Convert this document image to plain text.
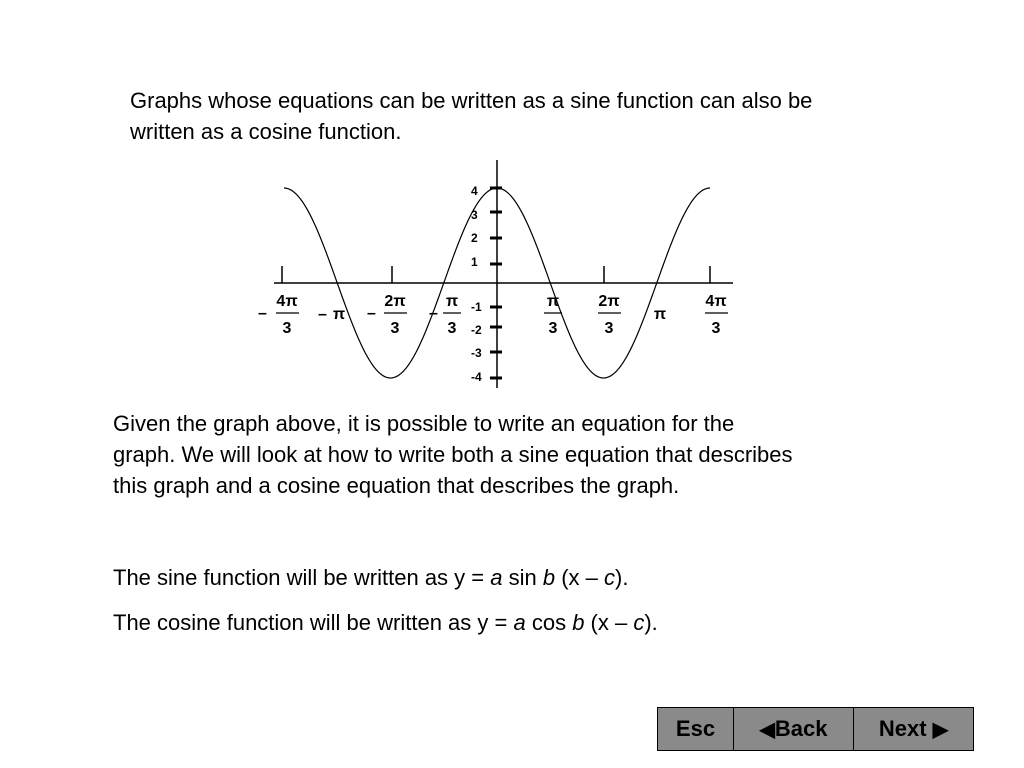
Graphs whose equations can be written as a sine function can also be
written as a cosine function.
4
3
2
1
-1
-2
-3
-4
–
4π
3
– π –
2π
3
–
π
3
π
3
2π
3
π
4π
3
Given the graph above, it is possible to write an equation for the
graph. We will look at how to write both a sine equation that describes
this graph and a cosine equation that describes the graph.
The sine function will be written as y = a sin b (x – c).
The cosine function will be written as y = a cos b (x – c).
Esc ◀ Back Next ▶
